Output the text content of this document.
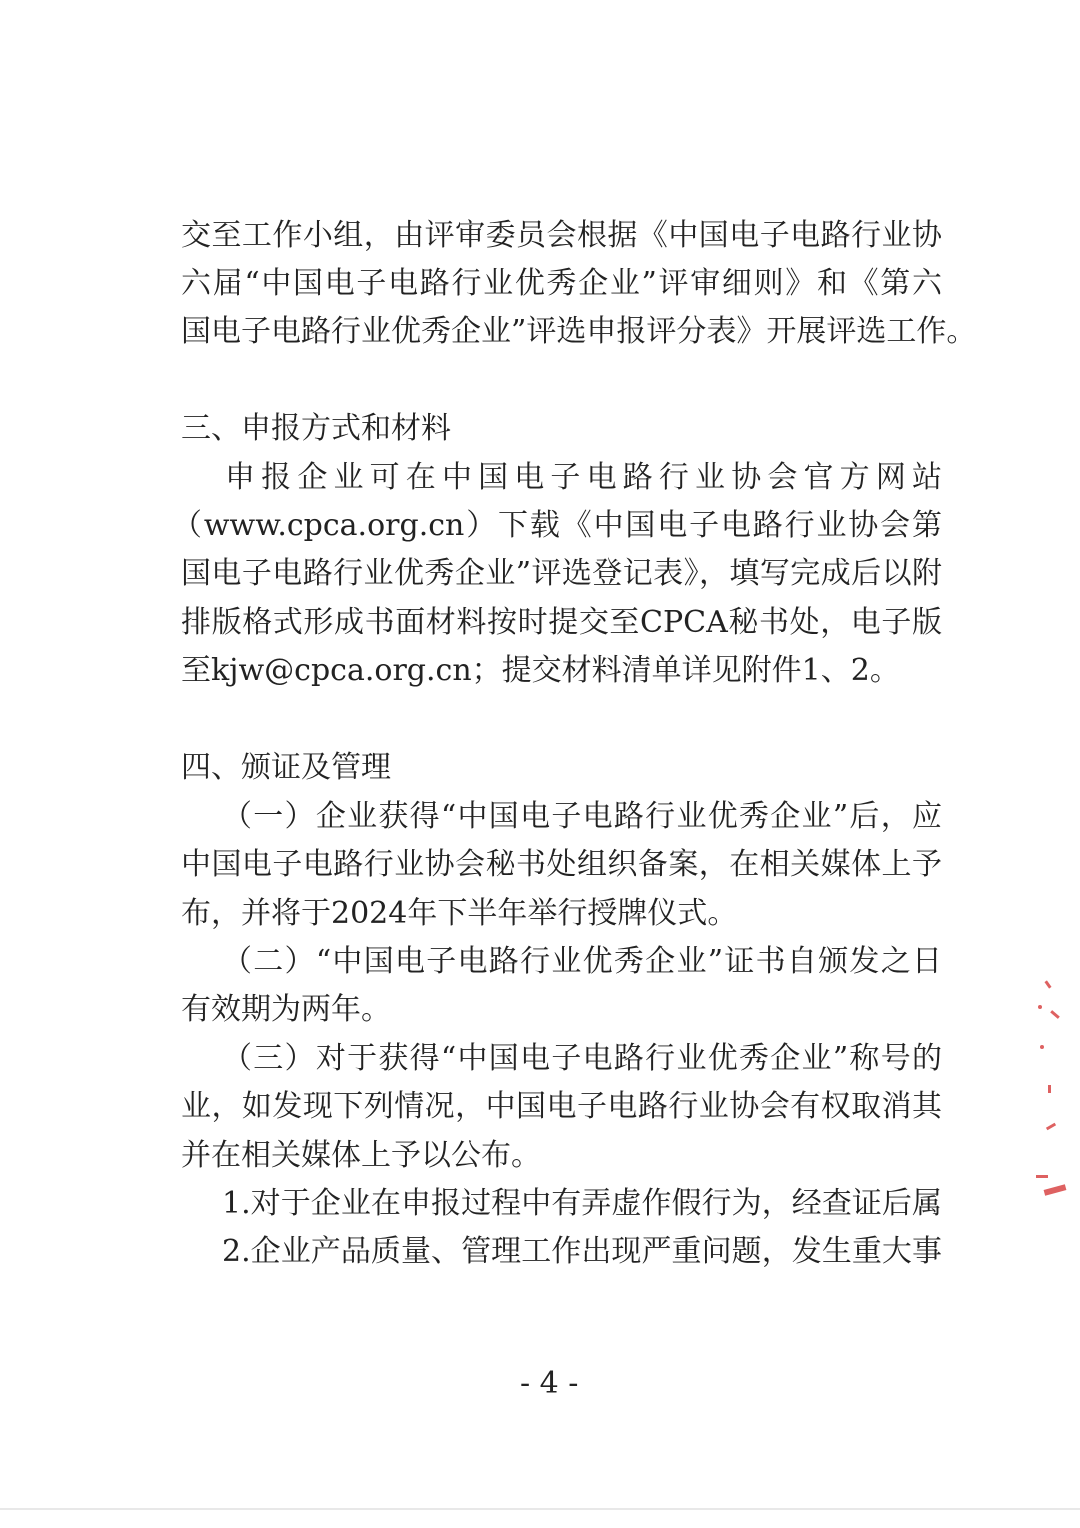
交至工作小组，由评审委员会根据《中国电子电路行业协
六届“中国电子电路行业优秀企业”评审细则》和《第六
国电子电路行业优秀企业”评选申报评分表》开展评选工作。
三、申报方式和材料
申报企业可在中国电子电路行业协会官方网站
（www.cpca.org.cn）下载《中国电子电路行业协会第
国电子电路行业优秀企业”评选登记表》，填写完成后以附
排版格式形成书面材料按时提交至CPCA秘书处，电子版
至kjw@cpca.org.cn；提交材料清单详见附件1、2。
四、颁证及管理
（一）企业获得“中国电子电路行业优秀企业”后，应
中国电子电路行业协会秘书处组织备案，在相关媒体上予
布，并将于2024年下半年举行授牌仪式。
（二）“中国电子电路行业优秀企业”证书自颁发之日
有效期为两年。
（三）对于获得“中国电子电路行业优秀企业”称号的
业，如发现下列情况，中国电子电路行业协会有权取消其
并在相关媒体上予以公布。
1.对于企业在申报过程中有弄虚作假行为，经查证后属
2.企业产品质量、管理工作出现严重问题，发生重大事
- 4 -
